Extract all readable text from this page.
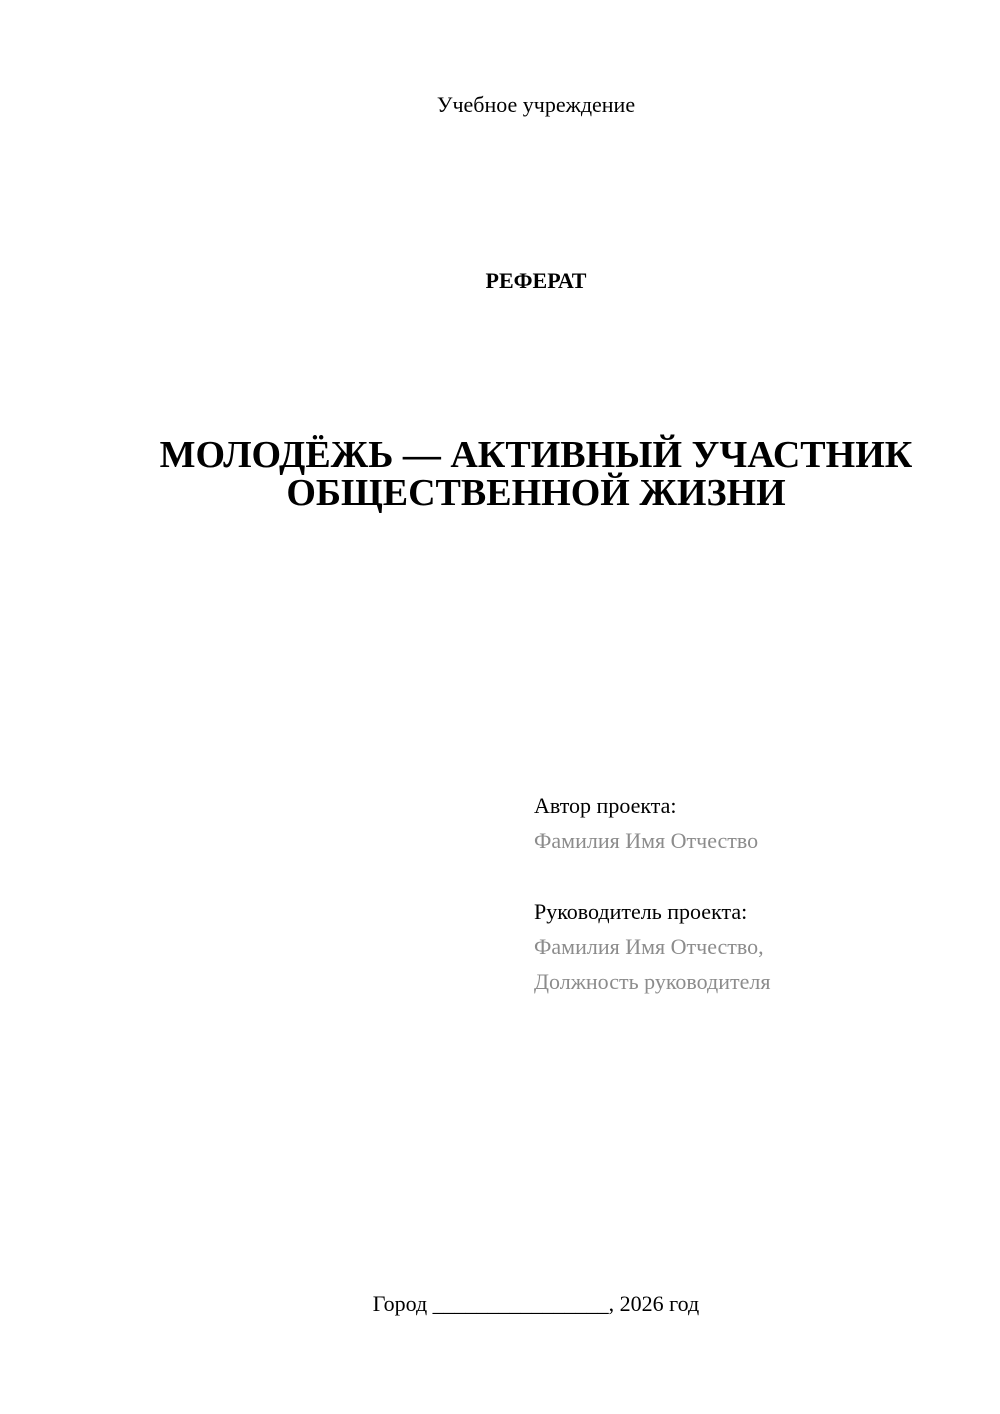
Учебное учреждение
РЕФЕРАТ
МОЛОДЁЖЬ — АКТИВНЫЙ УЧАСТНИК
ОБЩЕСТВЕННОЙ ЖИЗНИ
Автор проекта:
Фамилия Имя Отчество
Руководитель проекта:
Фамилия Имя Отчество,
Должность руководителя
Город ________________, 2026 год
